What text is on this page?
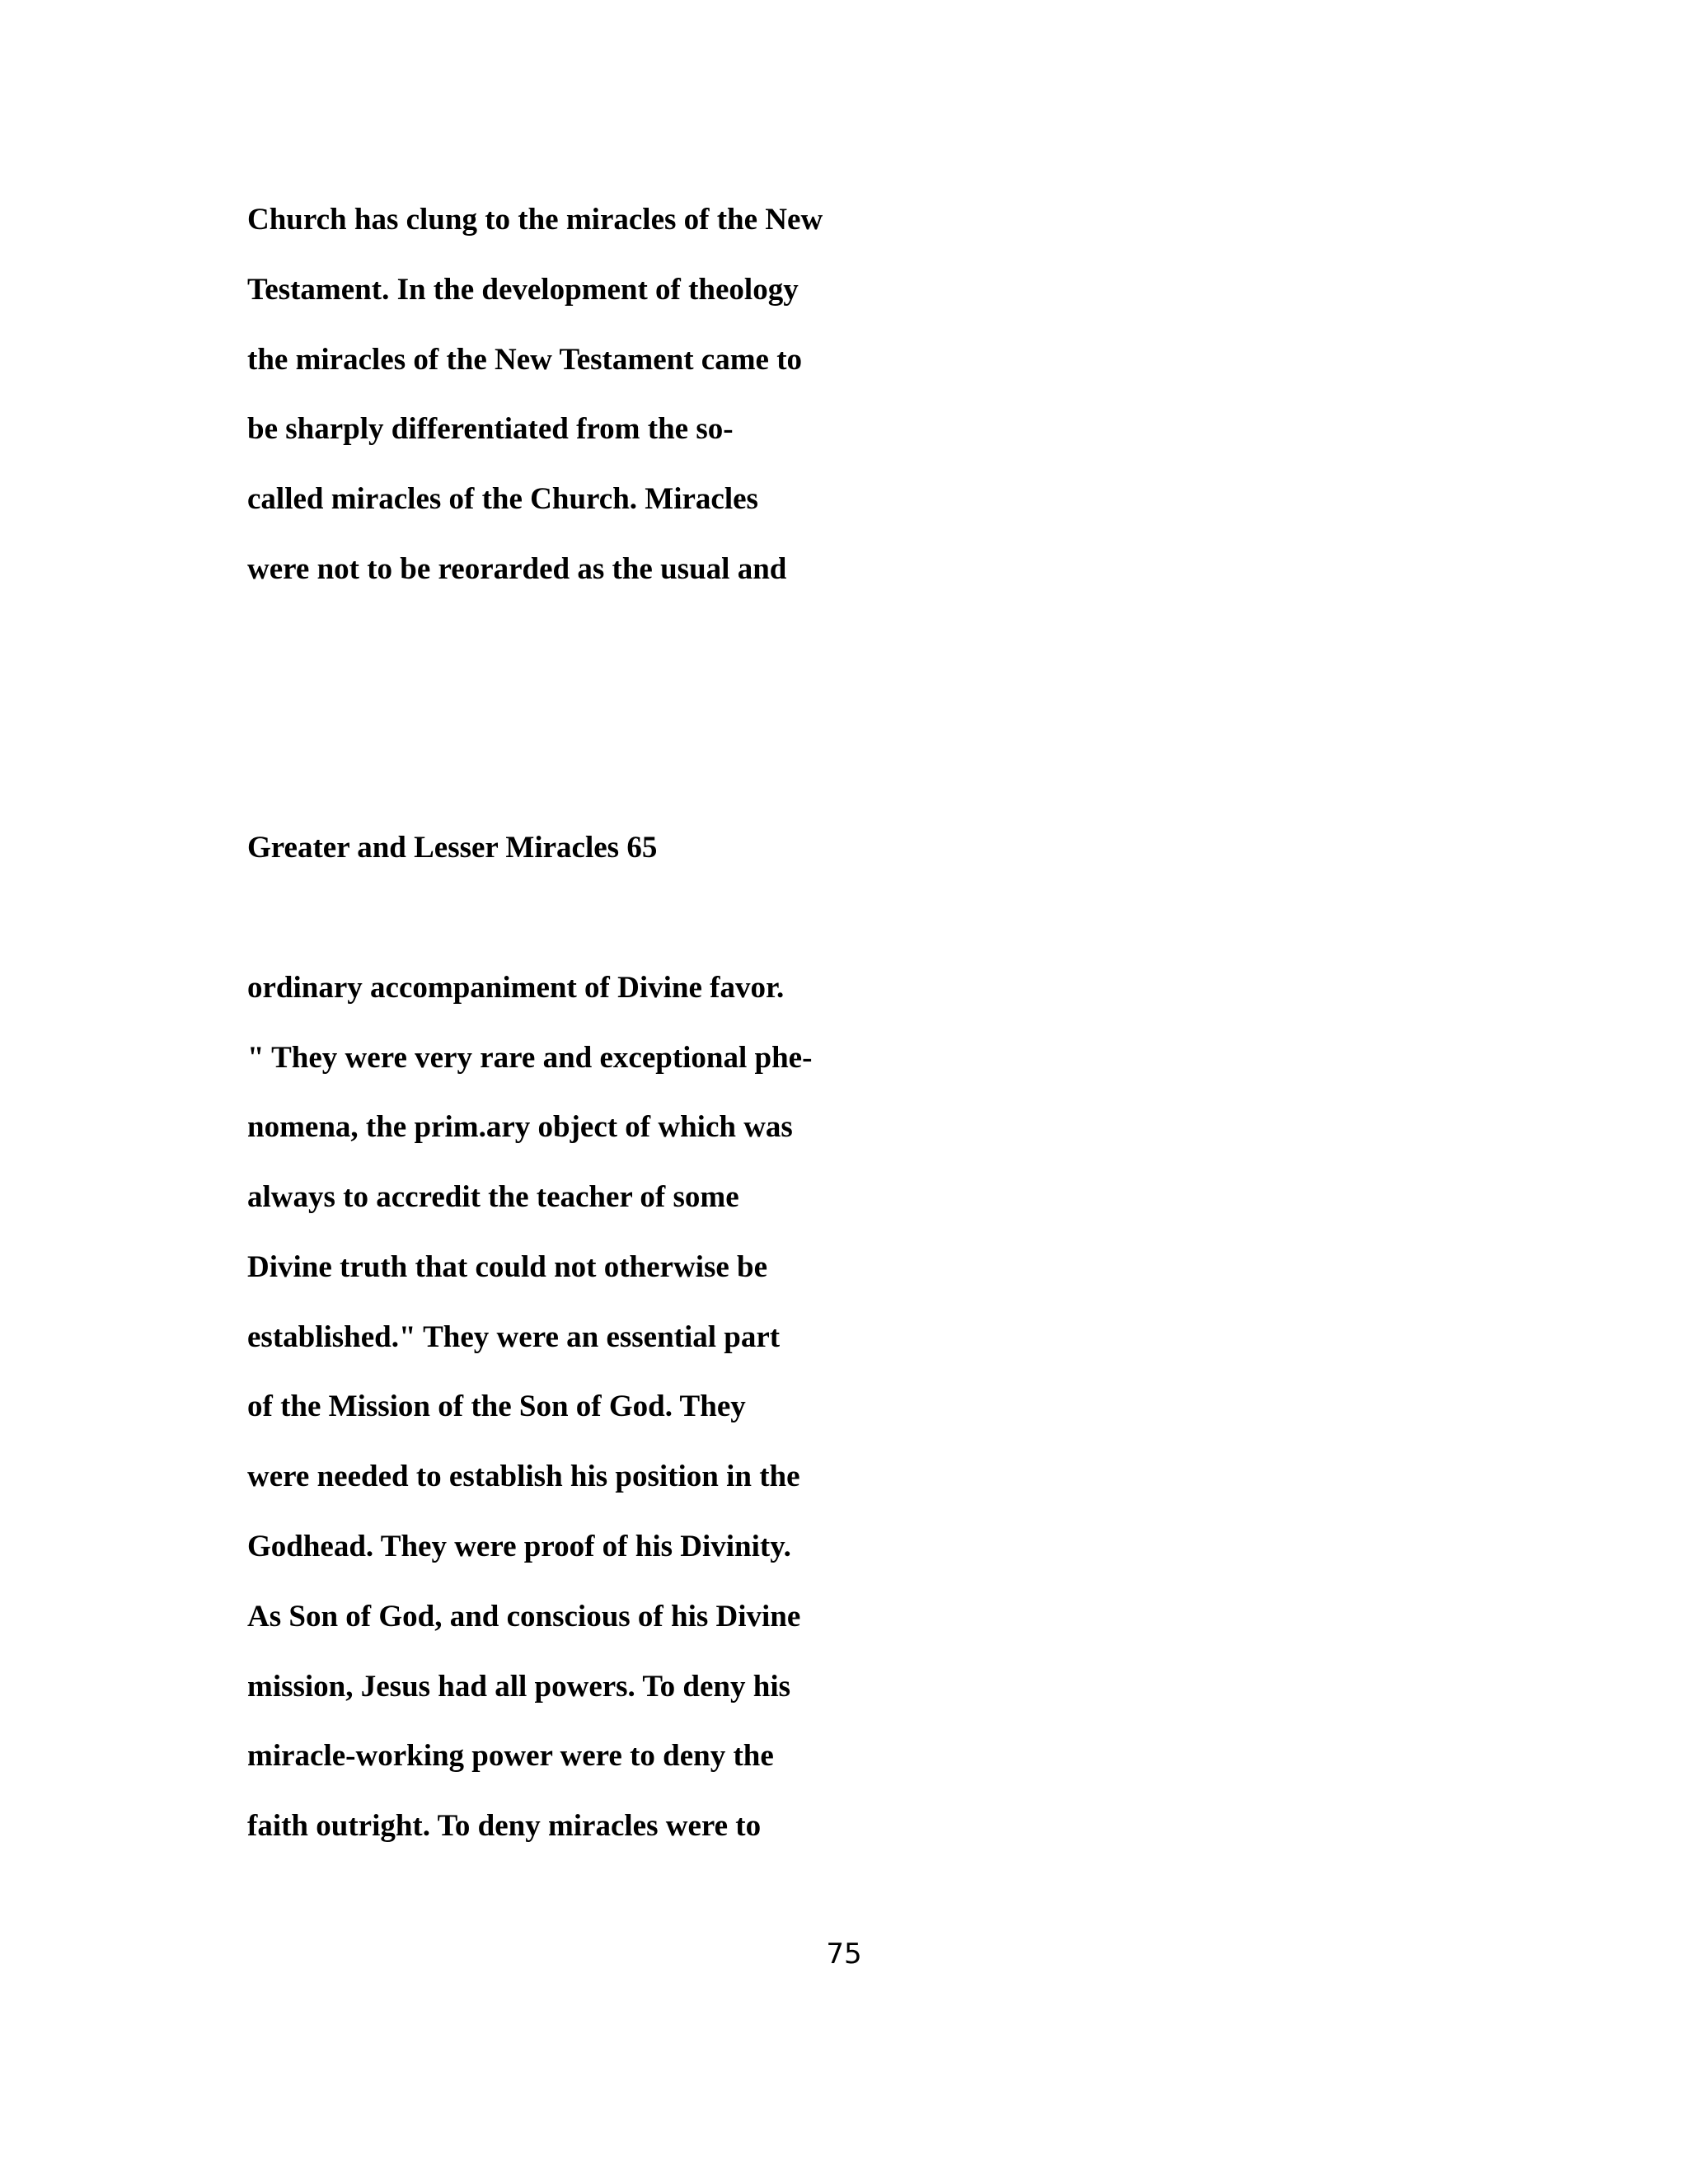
Church has clung to the miracles of the New

Testament. In the development of theology

the miracles of the New Testament came to

be sharply differentiated from the so-

called miracles of the Church. Miracles

were not to be reorarded as the usual and

Greater and Lesser Miracles 65

ordinary accompaniment of Divine favor.

" They were very rare and exceptional phe-

nomena, the prim.ary object of which was

always to accredit the teacher of some

Divine truth that could not otherwise be

established." They were an essential part

of the Mission of the Son of God. They

were needed to establish his position in the

Godhead. They were proof of his Divinity.

As Son of God, and conscious of his Divine

mission, Jesus had all powers. To deny his

miracle-working power were to deny the

faith outright. To deny miracles were to

75
